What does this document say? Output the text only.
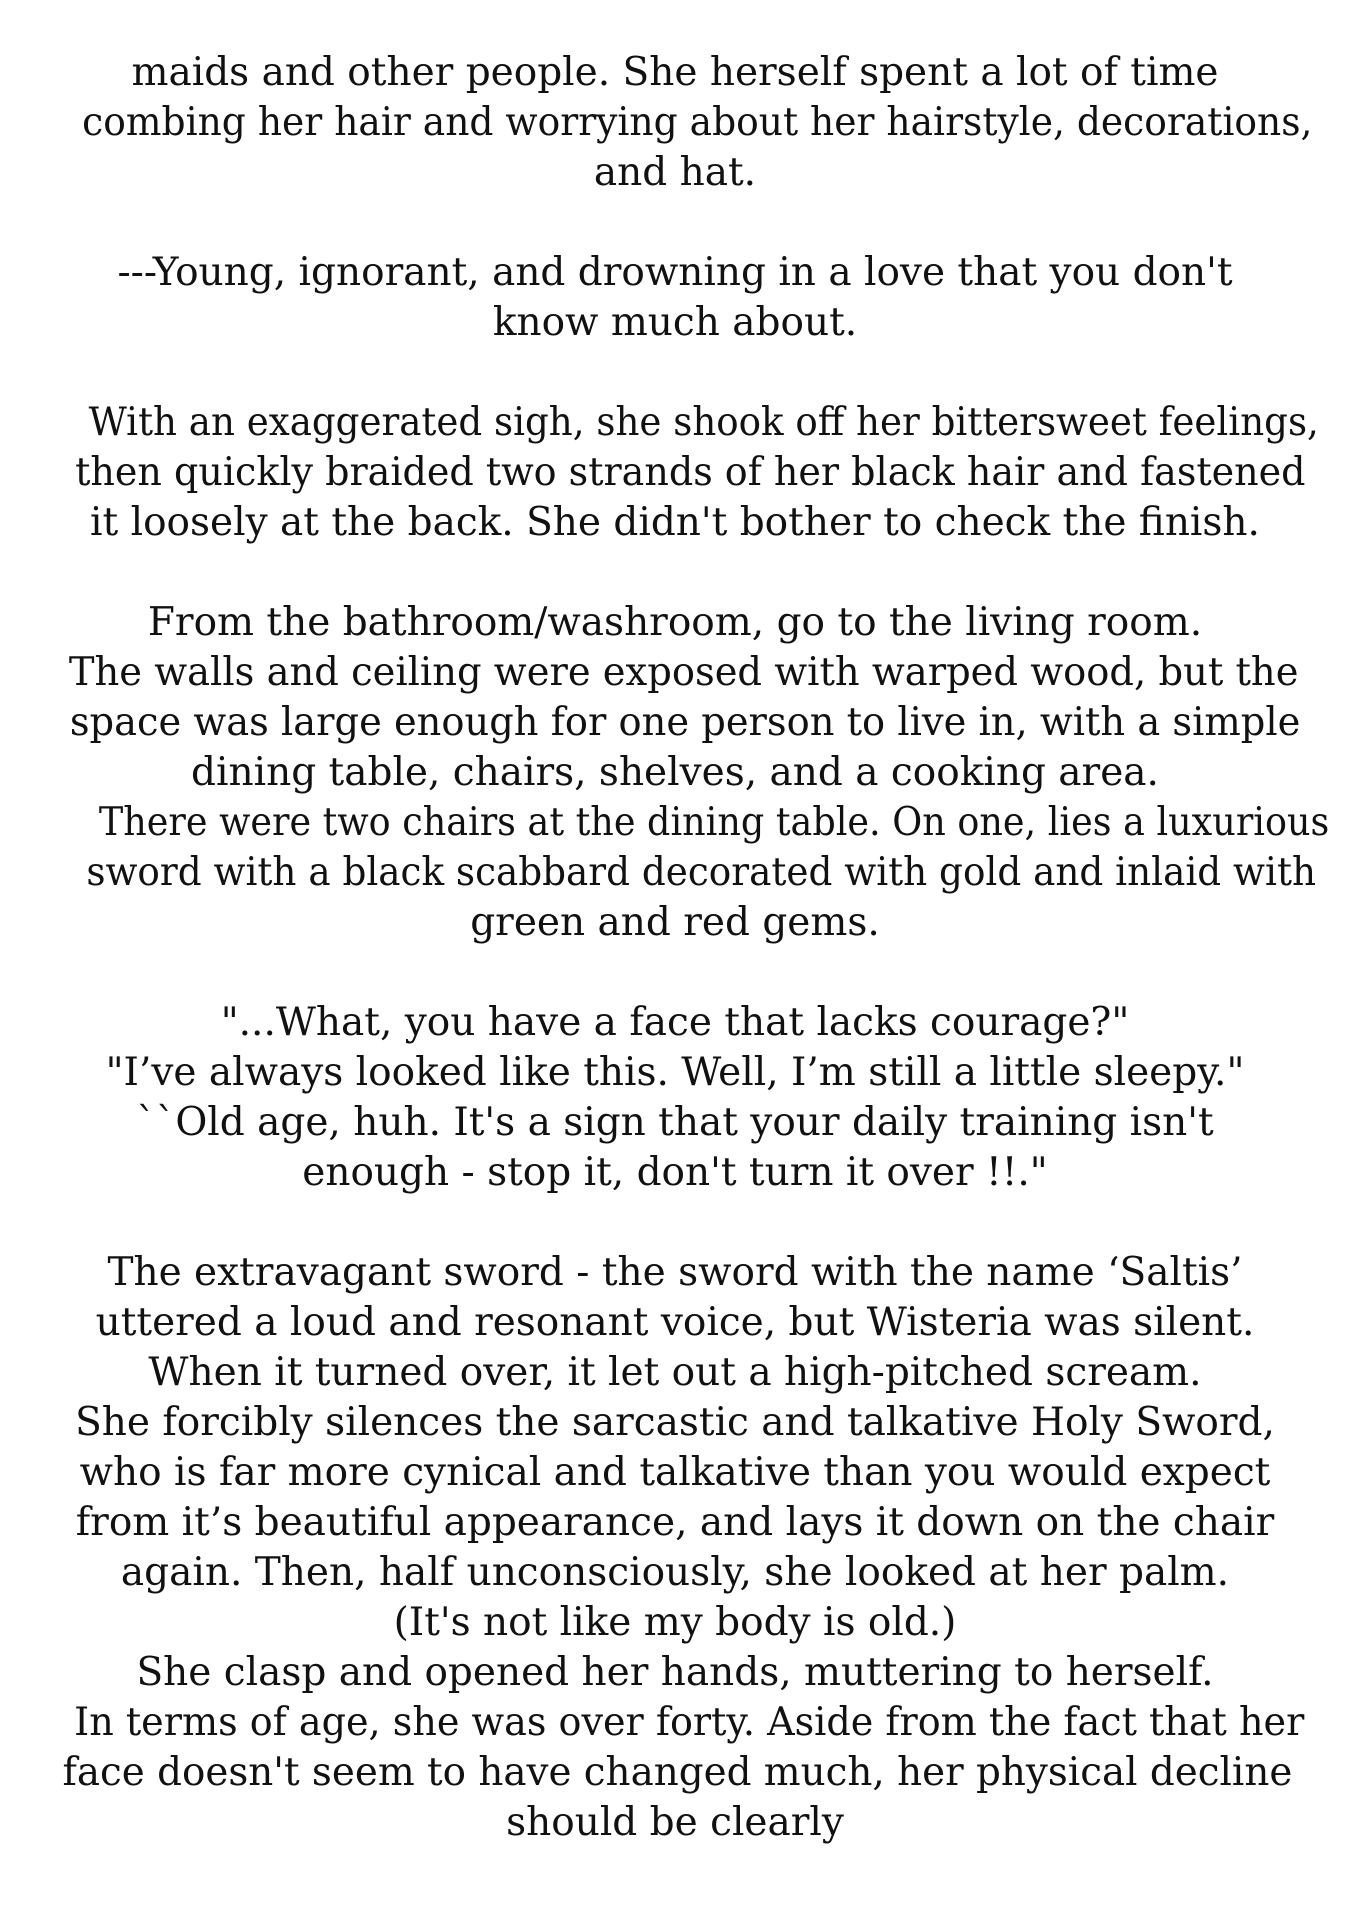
maids and other people. She herself spent a lot of time
combing her hair and worrying about her hairstyle, decorations,
and hat.
---Young, ignorant, and drowning in a love that you don't
know much about.
With an exaggerated sigh, she shook off her bittersweet feelings,
then quickly braided two strands of her black hair and fastened
it loosely at the back. She didn't bother to check the finish.
From the bathroom/washroom, go to the living room.
The walls and ceiling were exposed with warped wood, but the
space was large enough for one person to live in, with a simple
dining table, chairs, shelves, and a cooking area.
There were two chairs at the dining table. On one, lies a luxurious
sword with a black scabbard decorated with gold and inlaid with
green and red gems.
"...What, you have a face that lacks courage?"
"I’ve always looked like this. Well, I’m still a little sleepy."
``Old age, huh. It's a sign that your daily training isn't
enough - stop it, don't turn it over !!."
The extravagant sword - the sword with the name ‘Saltis’
uttered a loud and resonant voice, but Wisteria was silent.
When it turned over, it let out a high-pitched scream.
She forcibly silences the sarcastic and talkative Holy Sword,
who is far more cynical and talkative than you would expect
from it’s beautiful appearance, and lays it down on the chair
again. Then, half unconsciously, she looked at her palm.
(It's not like my body is old.)
She clasp and opened her hands, muttering to herself.
In terms of age, she was over forty. Aside from the fact that her
face doesn't seem to have changed much, her physical decline
should be clearly
